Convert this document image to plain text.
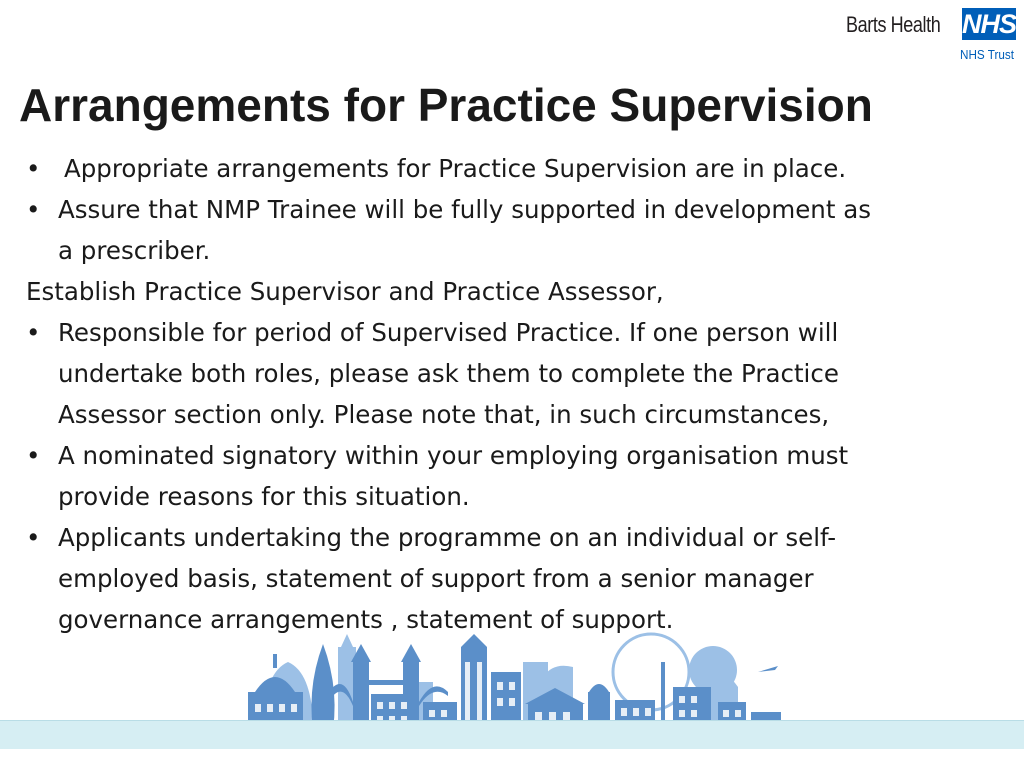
Barts Health NHS
NHS Trust
Arrangements for Practice Supervision
• Appropriate arrangements for Practice Supervision are in place.
• Assure that NMP Trainee will be fully supported in development as
a prescriber.
Establish Practice Supervisor and Practice Assessor,
• Responsible for period of Supervised Practice. If one person will
undertake both roles, please ask them to complete the Practice
Assessor section only. Please note that, in such circumstances,
• A nominated signatory within your employing organisation must
provide reasons for this situation.
• Applicants undertaking the programme on an individual or self-
employed basis, statement of support from a senior manager
governance arrangements , statement of support.
